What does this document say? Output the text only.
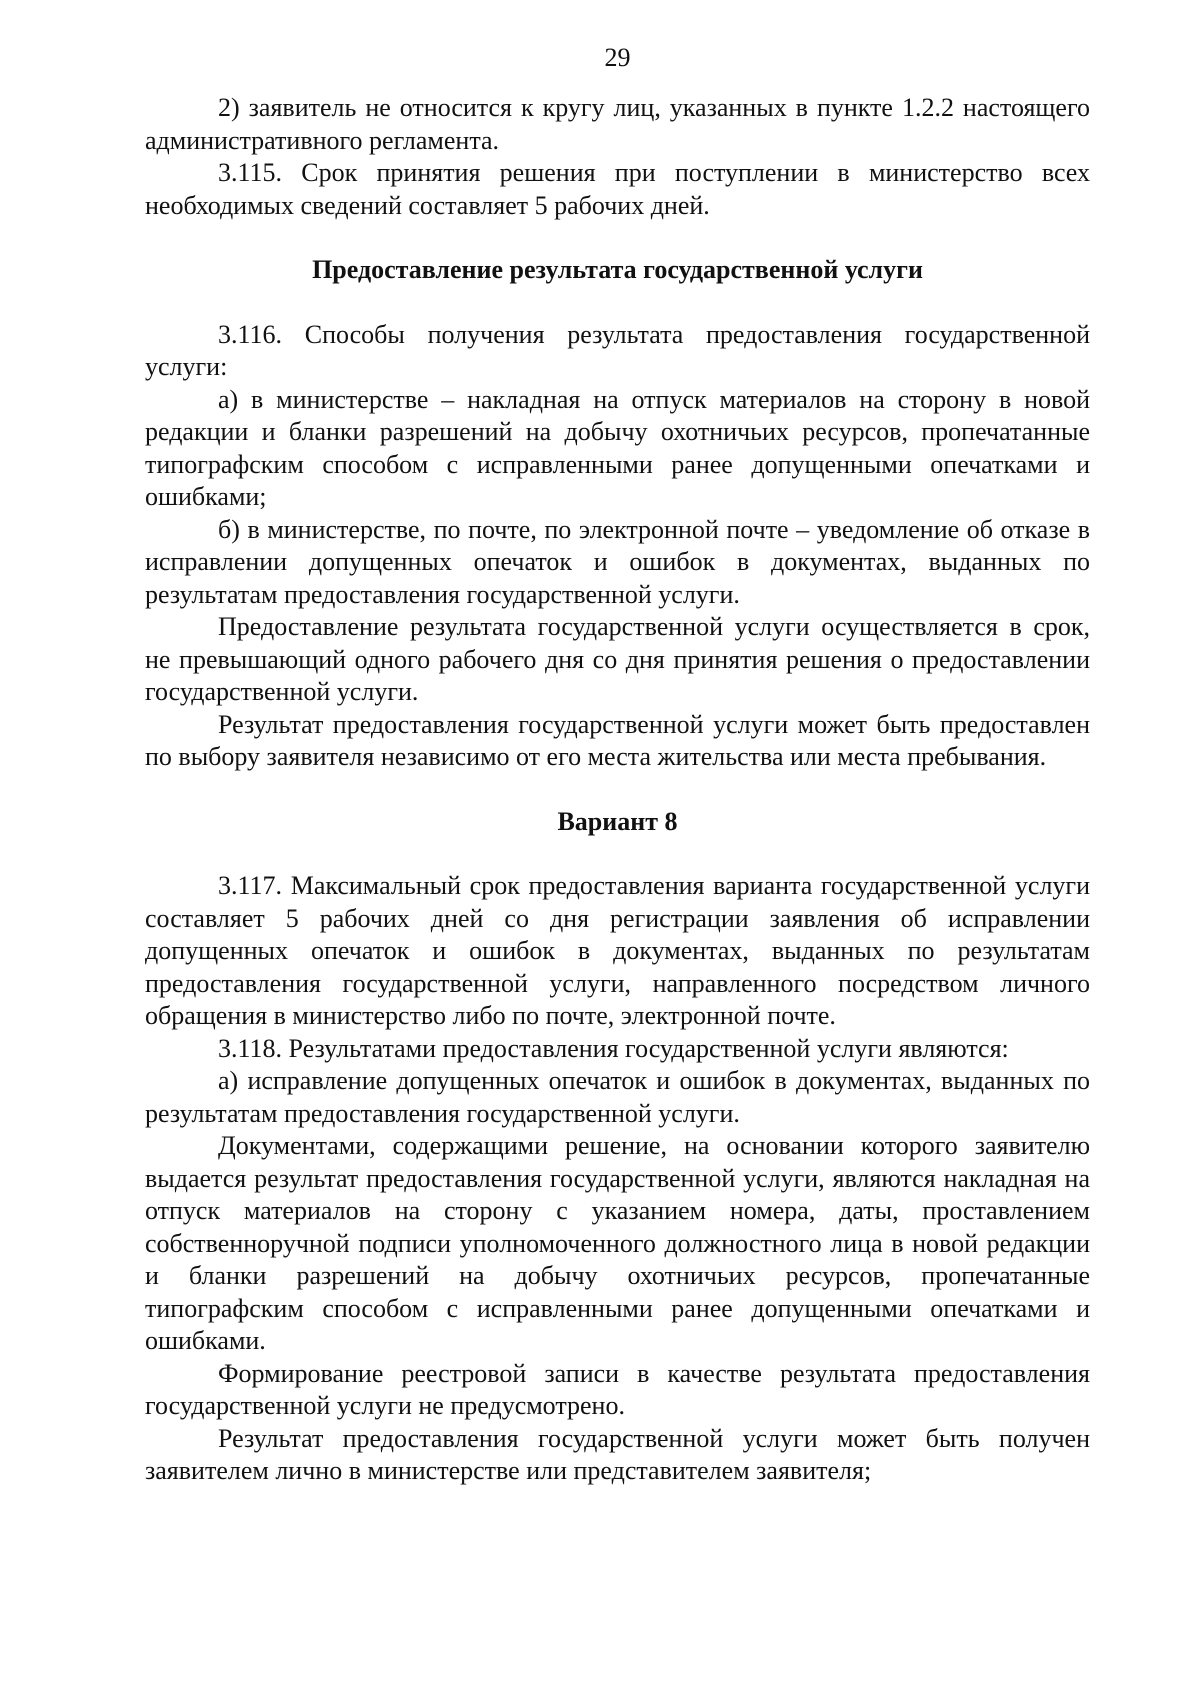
29

2) заявитель не относится к кругу лиц, указанных в пункте 1.2.2 настоящего административного регламента.

3.115. Срок принятия решения при поступлении в министерство всех необходимых сведений составляет 5 рабочих дней.

Предоставление результата государственной услуги

3.116. Способы получения результата предоставления государственной услуги:

а) в министерстве – накладная на отпуск материалов на сторону в новой редакции и бланки разрешений на добычу охотничьих ресурсов, пропечатанные типографским способом с исправленными ранее допущенными опечатками и ошибками;

б) в министерстве, по почте, по электронной почте – уведомление об отказе в исправлении допущенных опечаток и ошибок в документах, выданных по результатам предоставления государственной услуги.

Предоставление результата государственной услуги осуществляется в срок, не превышающий одного рабочего дня со дня принятия решения о предоставлении государственной услуги.

Результат предоставления государственной услуги может быть предоставлен по выбору заявителя независимо от его места жительства или места пребывания.

Вариант 8

3.117. Максимальный срок предоставления варианта государственной услуги составляет 5 рабочих дней со дня регистрации заявления об исправлении допущенных опечаток и ошибок в документах, выданных по результатам предоставления государственной услуги, направленного посредством личного обращения в министерство либо по почте, электронной почте.

3.118. Результатами предоставления государственной услуги являются:

а) исправление допущенных опечаток и ошибок в документах, выданных по результатам предоставления государственной услуги.

Документами, содержащими решение, на основании которого заявителю выдается результат предоставления государственной услуги, являются накладная на отпуск материалов на сторону с указанием номера, даты, проставлением собственноручной подписи уполномоченного должностного лица в новой редакции и бланки разрешений на добычу охотничьих ресурсов, пропечатанные типографским способом с исправленными ранее допущенными опечатками и ошибками.

Формирование реестровой записи в качестве результата предоставления государственной услуги не предусмотрено.

Результат предоставления государственной услуги может быть получен заявителем лично в министерстве или представителем заявителя;
